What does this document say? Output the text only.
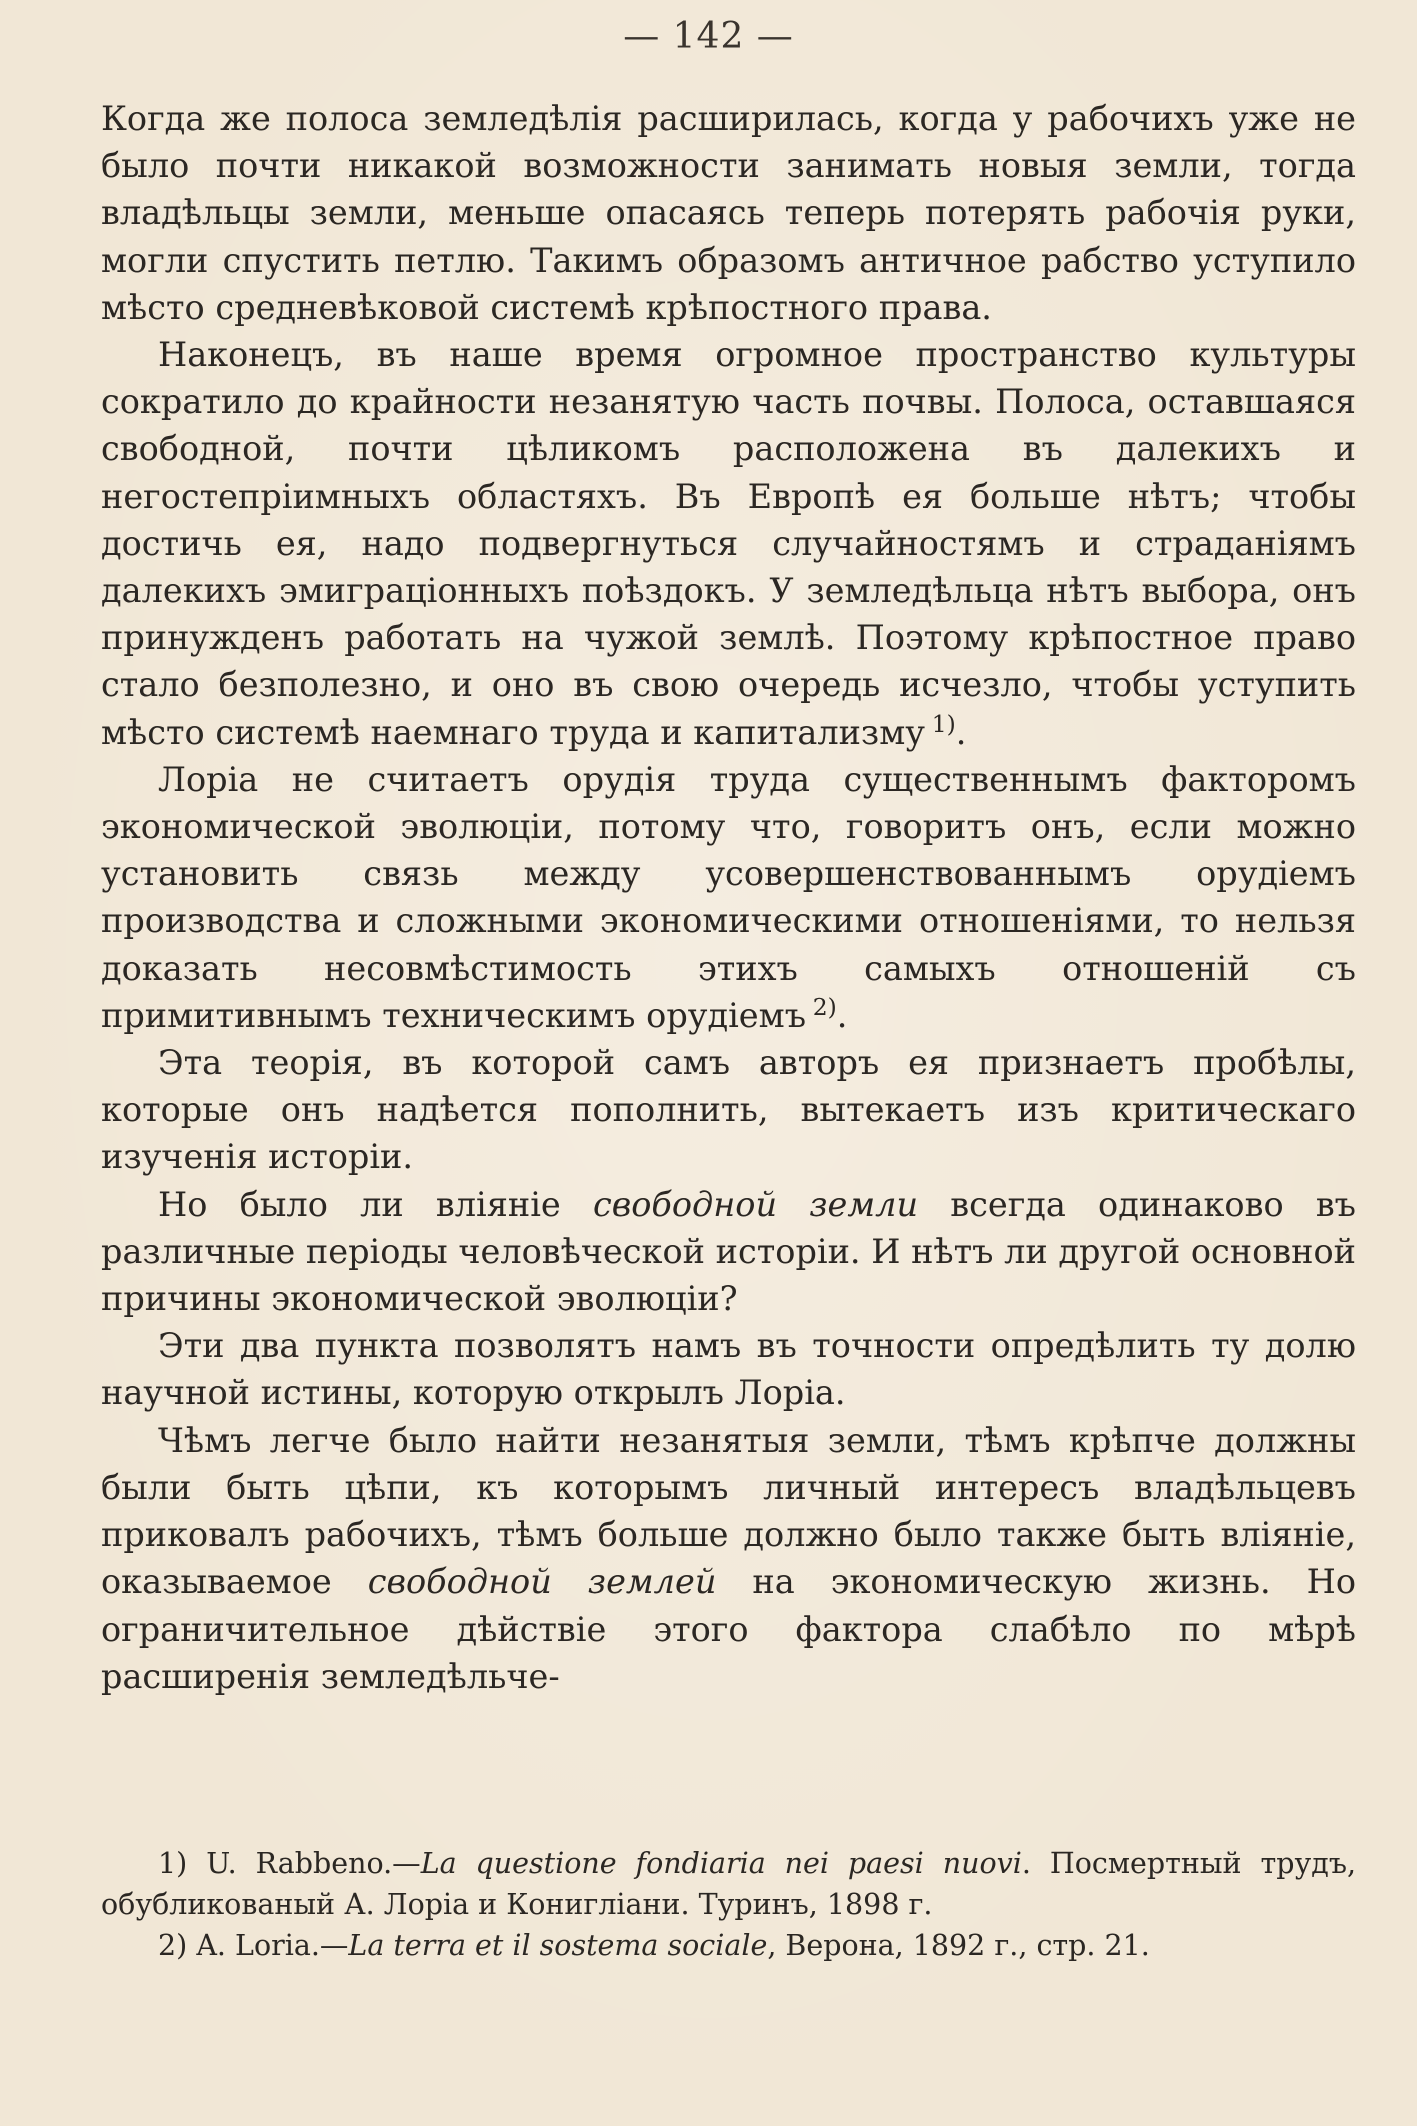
— 142 —

Когда же полоса земледѣлія расширилась, когда у рабочихъ уже не было почти никакой возможности занимать новыя земли, тогда владѣльцы земли, меньше опасаясь теперь потерять рабочія руки, могли спустить петлю. Такимъ образомъ античное рабство уступило мѣсто средневѣковой системѣ крѣпостного права.

Наконецъ, въ наше время огромное пространство культуры сократило до крайности незанятую часть почвы. Полоса, оставшаяся свободной, почти цѣликомъ расположена въ далекихъ и негостепріимныхъ областяхъ. Въ Европѣ ея больше нѣтъ; чтобы достичь ея, надо подвергнуться случайностямъ и страданіямъ далекихъ эмиграціонныхъ поѣздокъ. У земледѣльца нѣтъ выбора, онъ принужденъ работать на чужой землѣ. Поэтому крѣпостное право стало безполезно, и оно въ свою очередь исчезло, чтобы уступить мѣсто системѣ наемнаго труда и капитализму  $^{1)}$.

Лоріа не считаетъ орудія труда существеннымъ факторомъ экономической эволюціи, потому что, говоритъ онъ, если можно установить связь между усовершенствованнымъ орудіемъ производства и сложными экономическими отношеніями, то нельзя доказать несовмѣстимость этихъ самыхъ отношеній съ примитивнымъ техническимъ орудіемъ  $^{2)}$.

Эта теорія, въ которой самъ авторъ ея признаетъ пробѣлы, которые онъ надѣется пополнить, вытекаетъ изъ критическаго изученія исторіи.

Но было ли вліяніе свободной земли всегда одинаково въ различные періоды человѣческой исторіи. И нѣтъ ли другой основной причины экономической эволюціи?

Эти два пункта позволятъ намъ въ точности опредѣлить ту долю научной истины, которую открылъ Лоріа.

Чѣмъ легче было найти незанятыя земли, тѣмъ крѣпче должны были быть цѣпи, къ которымъ личный интересъ владѣльцевъ приковалъ рабочихъ, тѣмъ больше должно было также быть вліяніе, оказываемое свободной землей на экономическую жизнь. Но ограничительное дѣйствіе этого фактора слабѣло по мѣрѣ расширенія земледѣльче-

1) U. Rabbeno.—La questione fondiaria nei paesi nuovi. Посмертный трудъ, обубликованый А. Лоріа и Конигліани. Туринъ, 1898 г.

2) A. Loria.—La terra et il sostema sociale, Верона, 1892 г., стр. 21.
